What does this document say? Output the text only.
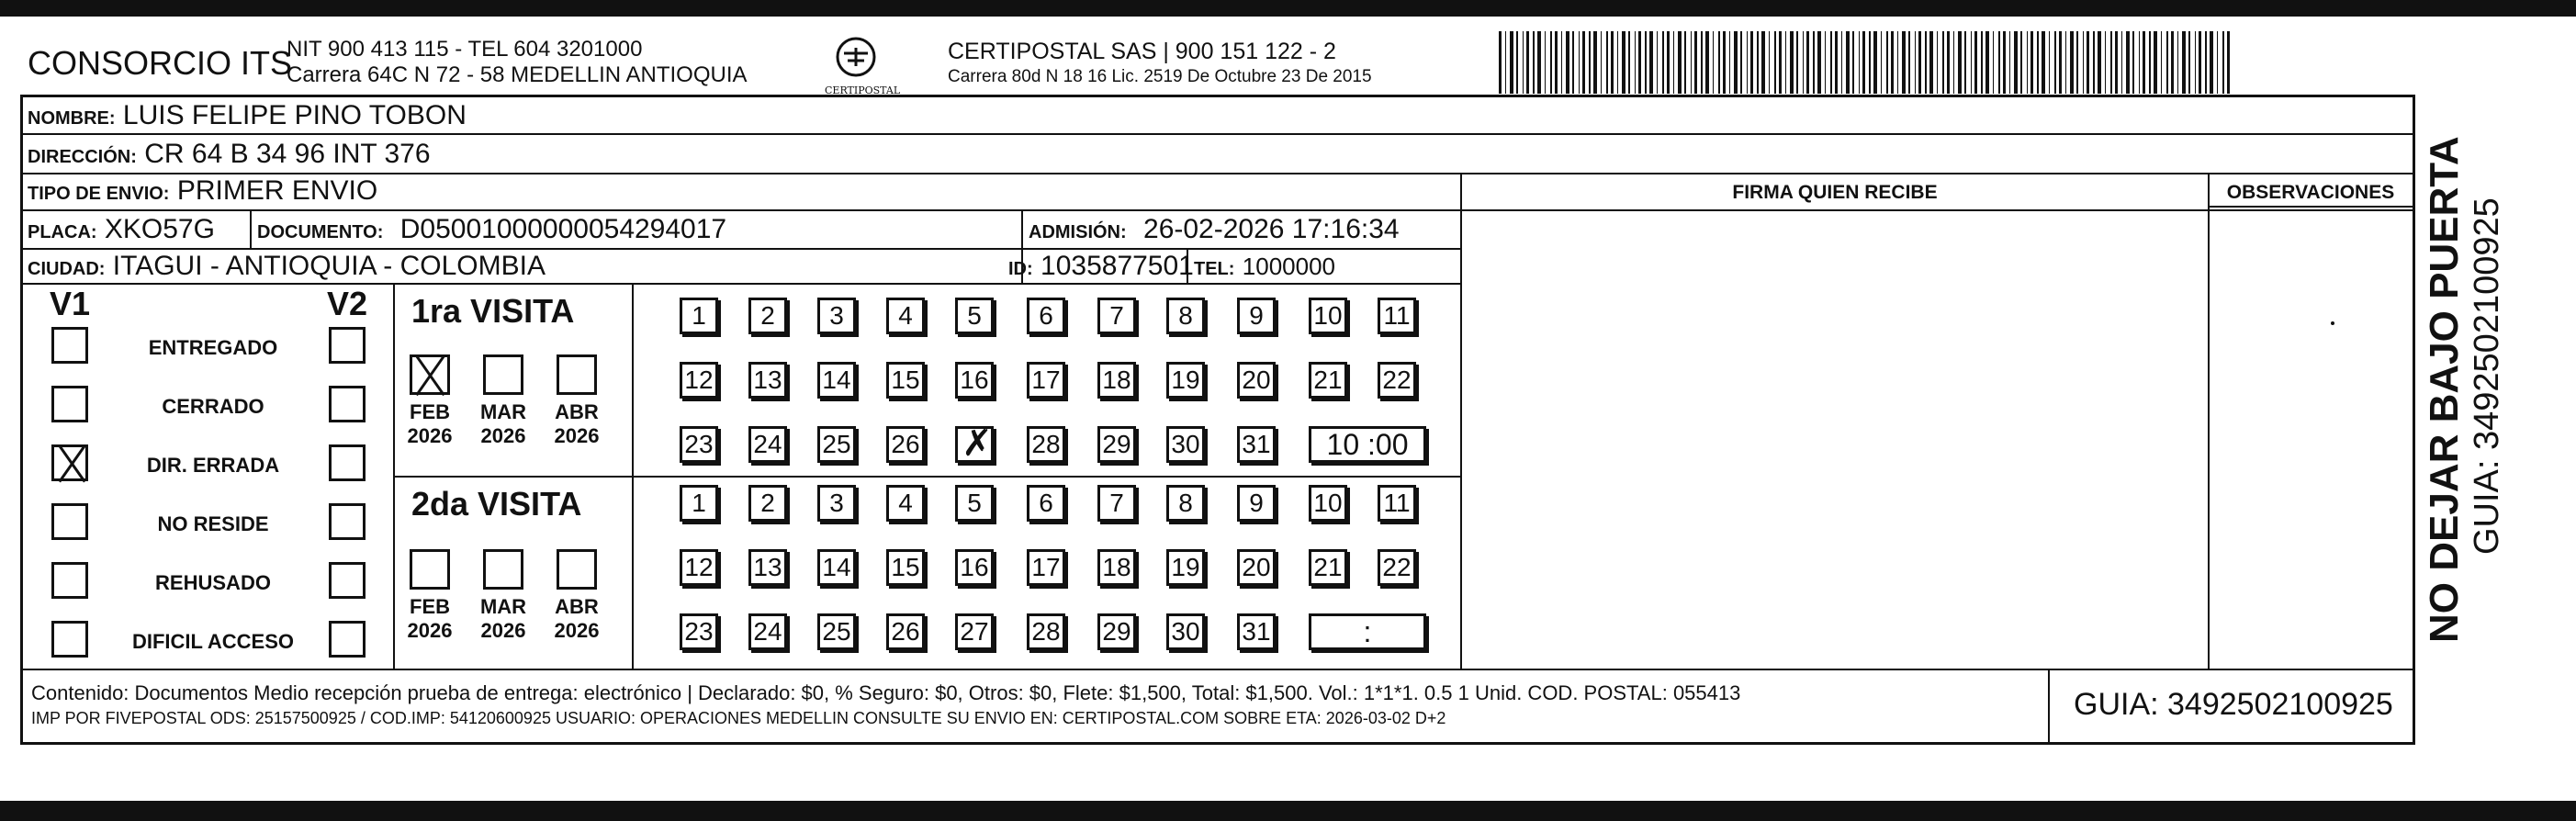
CONSORCIO ITS
NIT 900 413 115 - TEL 604 3201000
Carrera 64C N 72 - 58 MEDELLIN ANTIOQUIA
CERTIPOSTAL
CERTIPOSTAL SAS | 900 151 122 - 2
Carrera 80d N 18 16 Lic. 2519 De Octubre 23 De 2015
NOMBRE: LUIS FELIPE PINO TOBON
DIRECCIÓN: CR 64 B 34 96 INT 376
TIPO DE ENVIO: PRIMER ENVIO
PLACA: XKO57G DOCUMENTO: D05001000000054294017	ADMISIÓN: 26-02-2026 17:16:34
CIUDAD: ITAGUI - ANTIOQUIA - COLOMBIA	ID: 1035877501 TEL: 1000000
FIRMA QUIEN RECIBE	OBSERVACIONES
V1	V2
ENTREGADO
CERRADO
DIR. ERRADA
NO RESIDE
REHUSADO
DIFICIL ACCESO
1ra VISITA
2da VISITA
FEB
2026
MAR
2026
ABR
2026
FEB
2026
MAR
2026
ABR
2026
1	2	3	4	5	6	7	8	9	10 11
12 13 14 15 16 17 18 19 20 21 22
23 24 25 26
✗	28 29 30 31
1	2	3	4	5	6	7	8	9	10 11
12 13 14 15 16 17 18 19 20 21 22
23 24 25 26 27 28 29 30 31
10 :00
:
Contenido: Documentos Medio recepción prueba de entrega: electrónico | Declarado: $0, % Seguro: $0, Otros: $0, Flete: $1,500, Total: $1,500. Vol.: 1*1*1. 0.5 1 Unid. COD. POSTAL: 055413
IMP POR FIVEPOSTAL ODS: 25157500925 / COD.IMP: 54120600925 USUARIO: OPERACIONES MEDELLIN CONSULTE SU ENVIO EN: CERTIPOSTAL.COM SOBRE ETA: 2026-03-02 D+2	GUIA: 3492502100925
NO DEJAR BAJO PUERTA GUIA: 3492502100925
